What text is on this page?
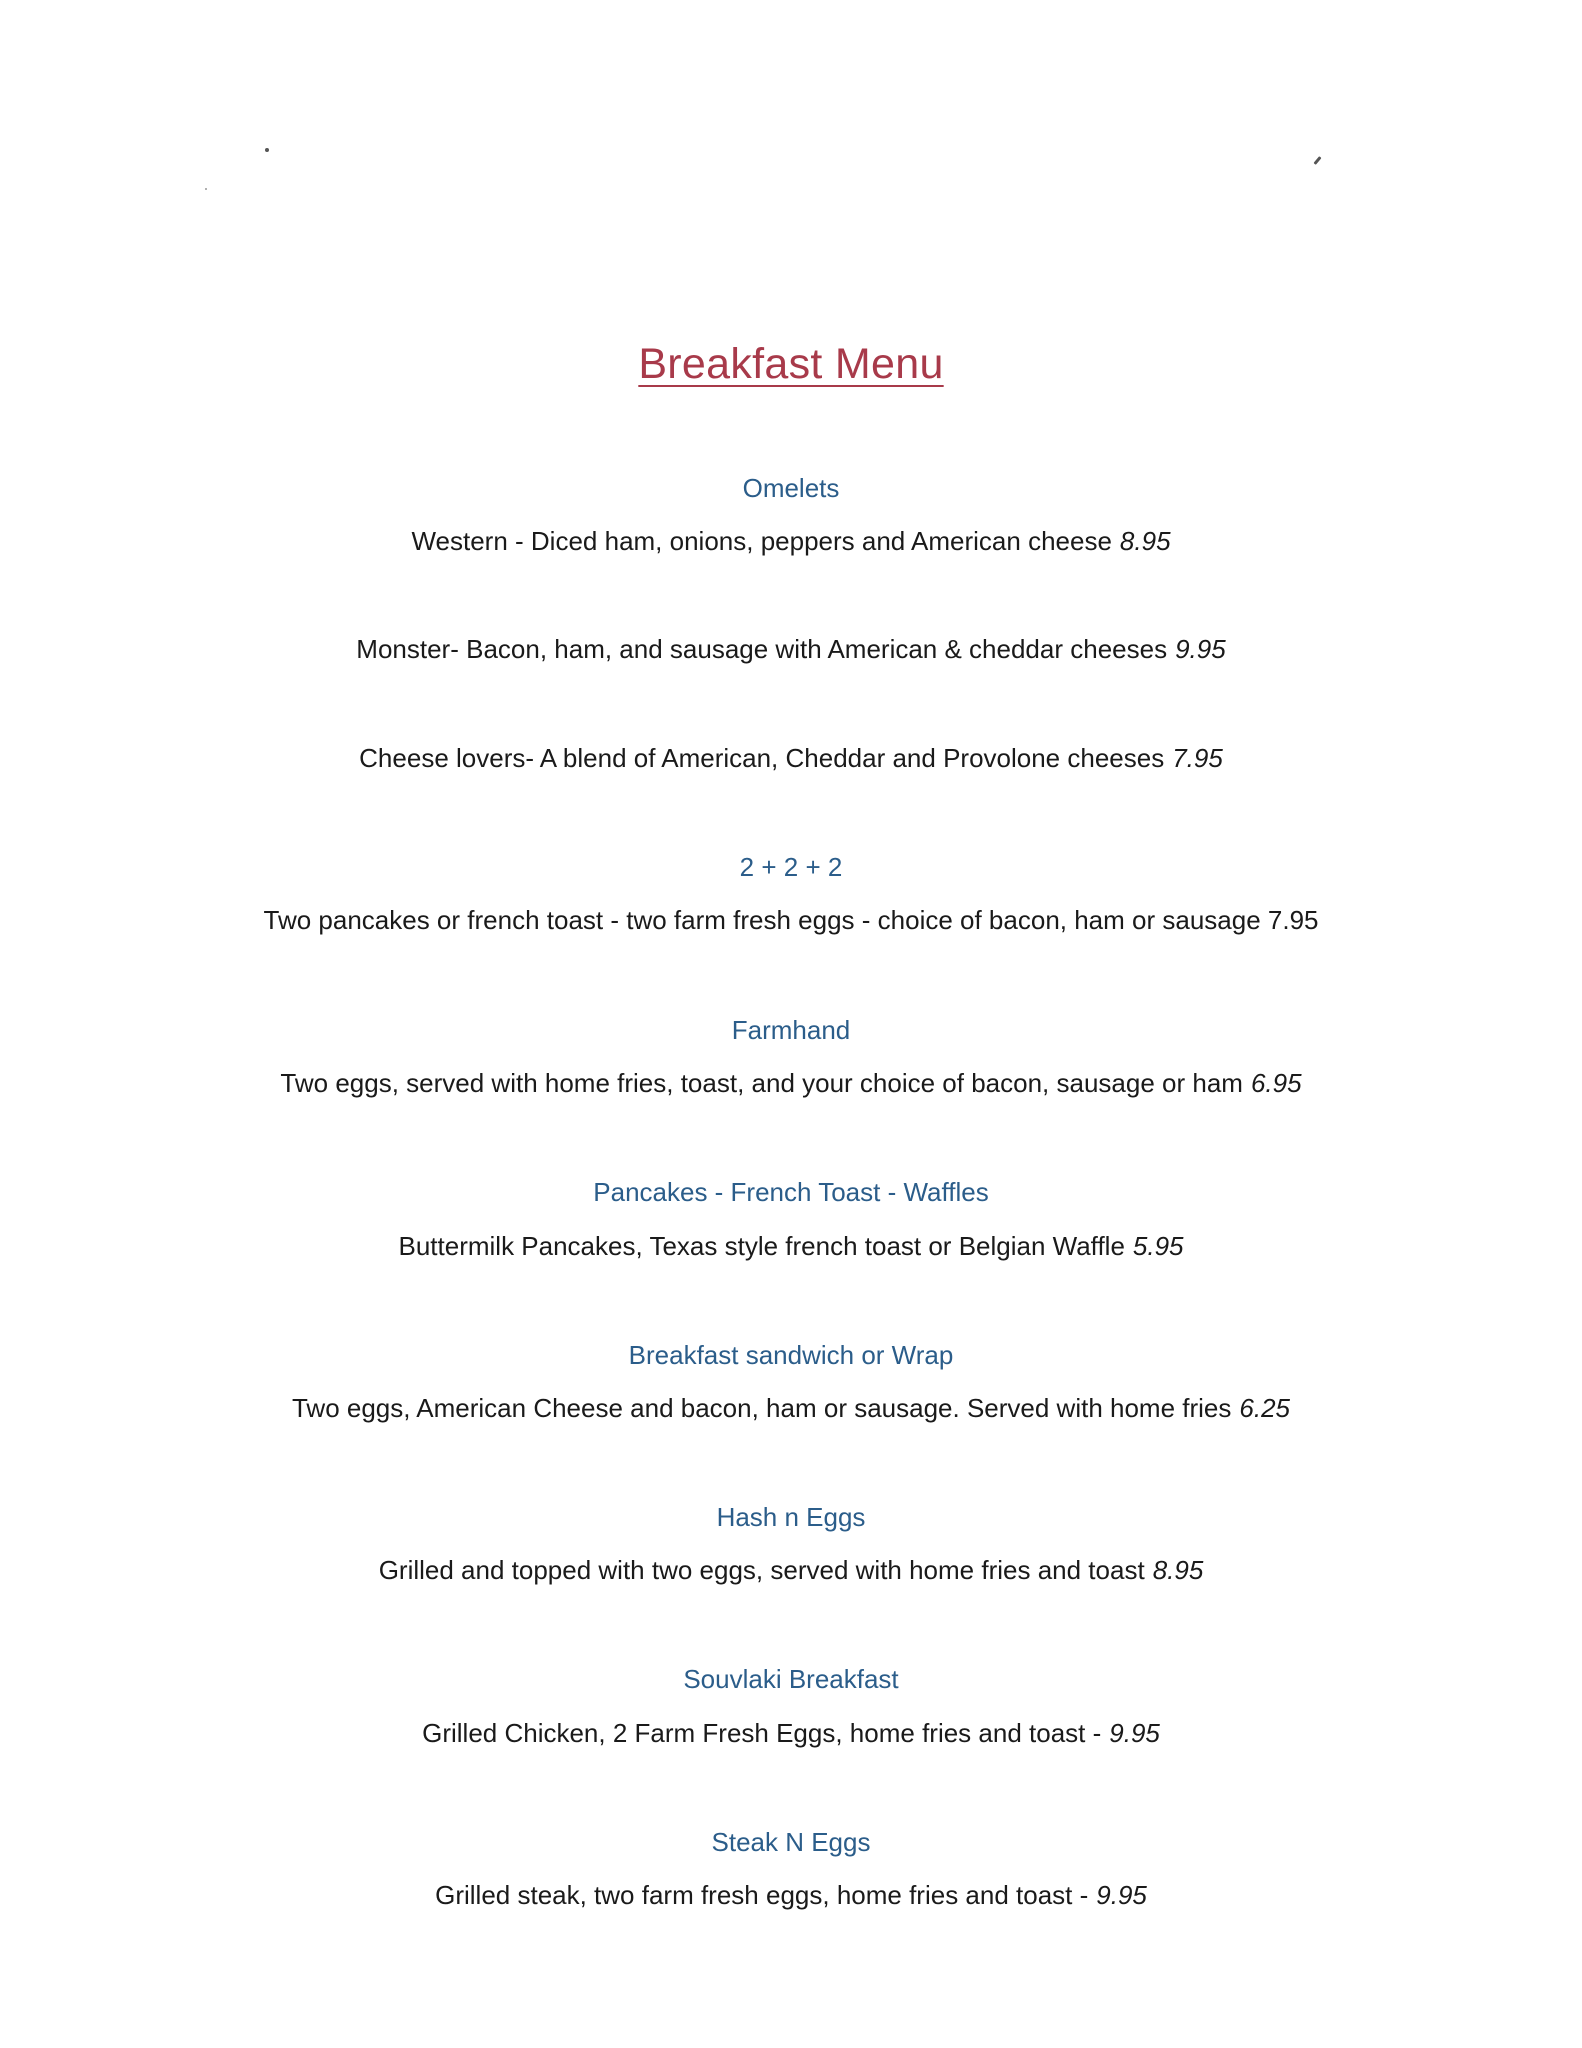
Breakfast Menu
Omelets
Western - Diced ham, onions, peppers and American cheese 8.95
Monster- Bacon, ham, and sausage with American & cheddar cheeses 9.95
Cheese lovers- A blend of American, Cheddar and Provolone cheeses 7.95
2 + 2 + 2
Two pancakes or french toast - two farm fresh eggs - choice of bacon, ham or sausage 7.95
Farmhand
Two eggs, served with home fries, toast, and your choice of bacon, sausage or ham 6.95
Pancakes - French Toast - Waffles
Buttermilk Pancakes, Texas style french toast or Belgian Waffle 5.95
Breakfast sandwich or Wrap
Two eggs, American Cheese and bacon, ham or sausage. Served with home fries 6.25
Hash n Eggs
Grilled and topped with two eggs, served with home fries and toast 8.95
Souvlaki Breakfast
Grilled Chicken, 2 Farm Fresh Eggs, home fries and toast - 9.95
Steak N Eggs
Grilled steak, two farm fresh eggs, home fries and toast - 9.95
